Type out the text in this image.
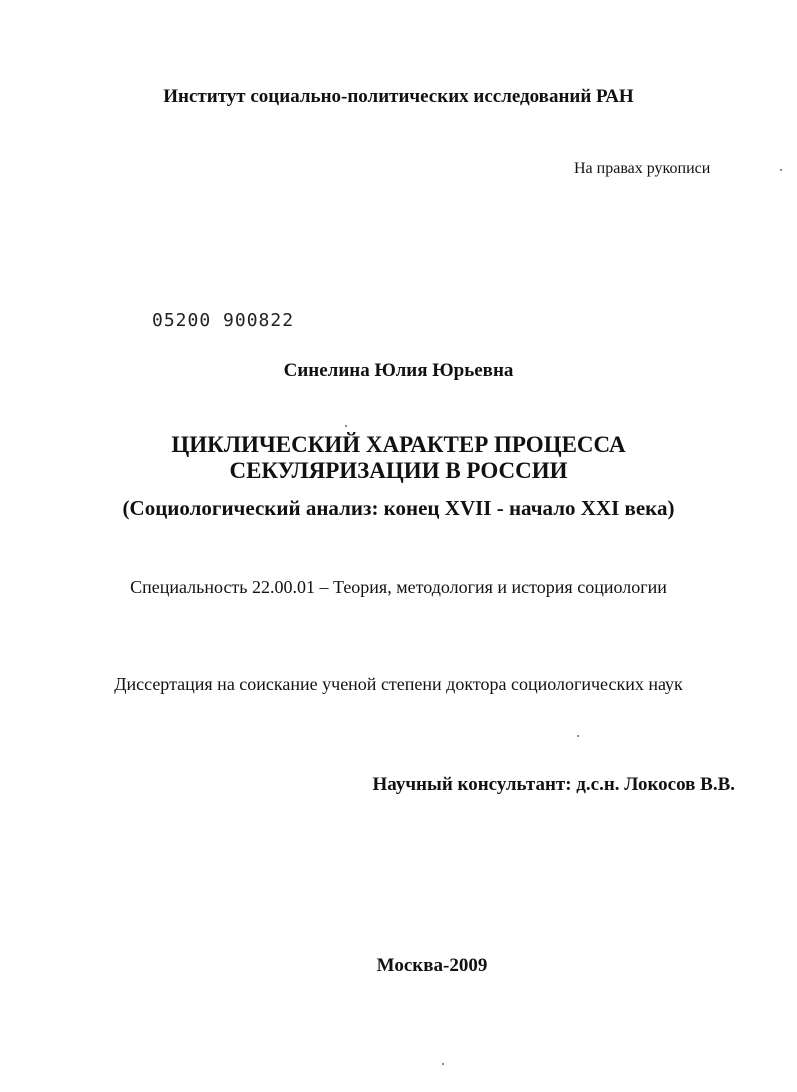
Институт социально-политических исследований РАН
На правах рукописи
05200 900822
Синелина Юлия Юрьевна
ЦИКЛИЧЕСКИЙ ХАРАКТЕР ПРОЦЕССА
СЕКУЛЯРИЗАЦИИ В РОССИИ
(Социологический анализ: конец XVII - начало XXI века)
Специальность 22.00.01 – Теория, методология и история социологии
Диссертация на соискание ученой степени доктора социологических наук
Научный консультант: д.с.н. Локосов В.В.
Москва-2009
